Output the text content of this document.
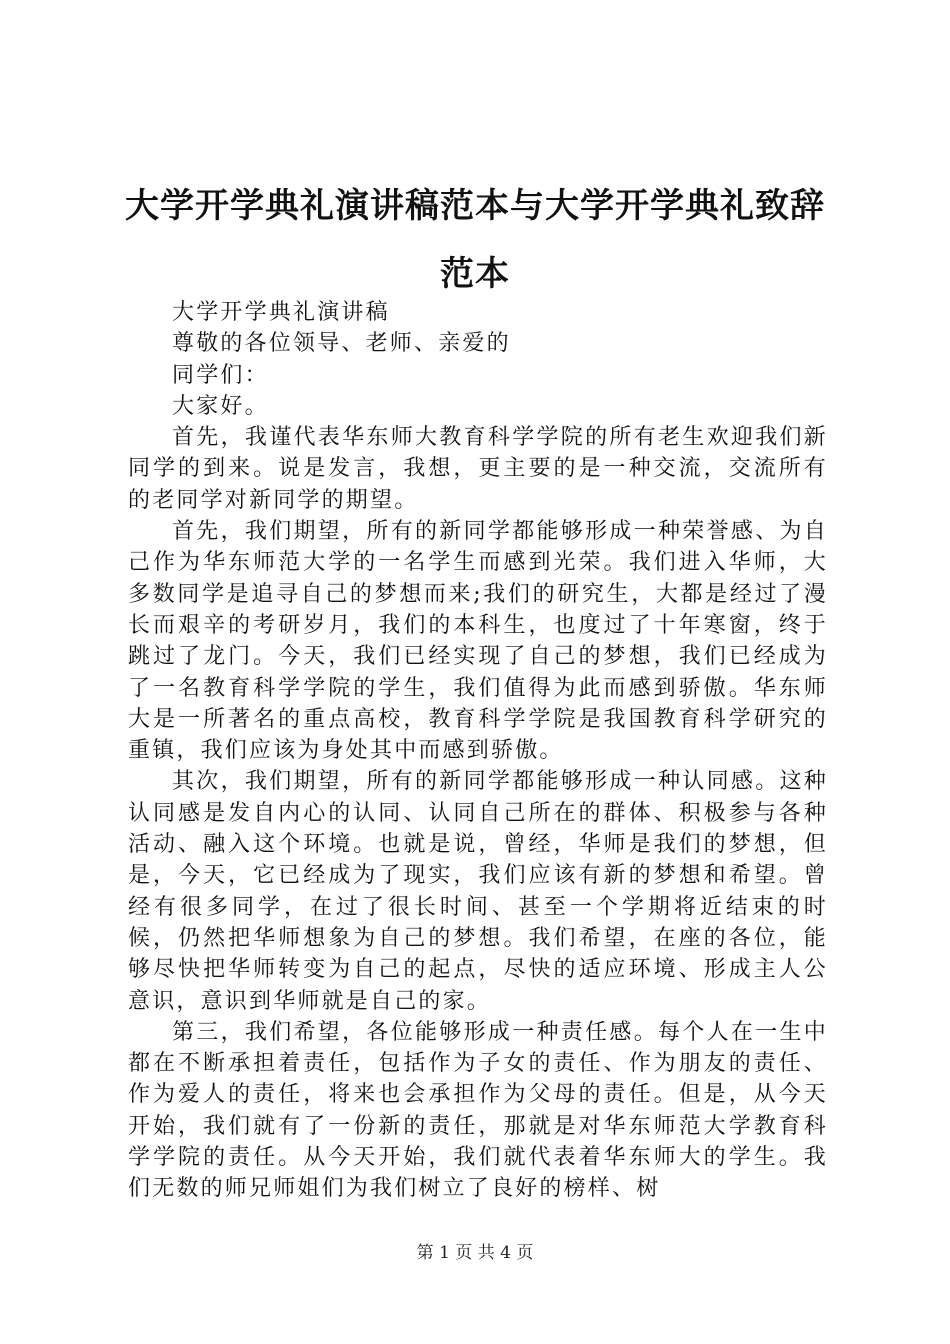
大学开学典礼演讲稿范本与大学开学典礼致辞范本

大学开学典礼演讲稿

尊敬的各位领导、老师、亲爱的

同学们：

大家好。

首先，我谨代表华东师大教育科学学院的所有老生欢迎我们新同学的到来。说是发言，我想，更主要的是一种交流，交流所有的老同学对新同学的期望。

首先，我们期望，所有的新同学都能够形成一种荣誉感、为自己作为华东师范大学的一名学生而感到光荣。我们进入华师，大多数同学是追寻自己的梦想而来;我们的研究生，大都是经过了漫长而艰辛的考研岁月，我们的本科生，也度过了十年寒窗，终于跳过了龙门。今天，我们已经实现了自己的梦想，我们已经成为了一名教育科学学院的学生，我们值得为此而感到骄傲。华东师大是一所著名的重点高校，教育科学学院是我国教育科学研究的重镇，我们应该为身处其中而感到骄傲。

其次，我们期望，所有的新同学都能够形成一种认同感。这种认同感是发自内心的认同、认同自己所在的群体、积极参与各种活动、融入这个环境。也就是说，曾经，华师是我们的梦想，但是，今天，它已经成为了现实，我们应该有新的梦想和希望。曾经有很多同学，在过了很长时间、甚至一个学期将近结束的时候，仍然把华师想象为自己的梦想。我们希望，在座的各位，能够尽快把华师转变为自己的起点，尽快的适应环境、形成主人公意识，意识到华师就是自己的家。

第三，我们希望，各位能够形成一种责任感。每个人在一生中都在不断承担着责任，包括作为子女的责任、作为朋友的责任、作为爱人的责任，将来也会承担作为父母的责任。但是，从今天开始，我们就有了一份新的责任，那就是对华东师范大学教育科学学院的责任。从今天开始，我们就代表着华东师大的学生。我们无数的师兄师姐们为我们树立了良好的榜样、树

第 1 页 共 4 页
